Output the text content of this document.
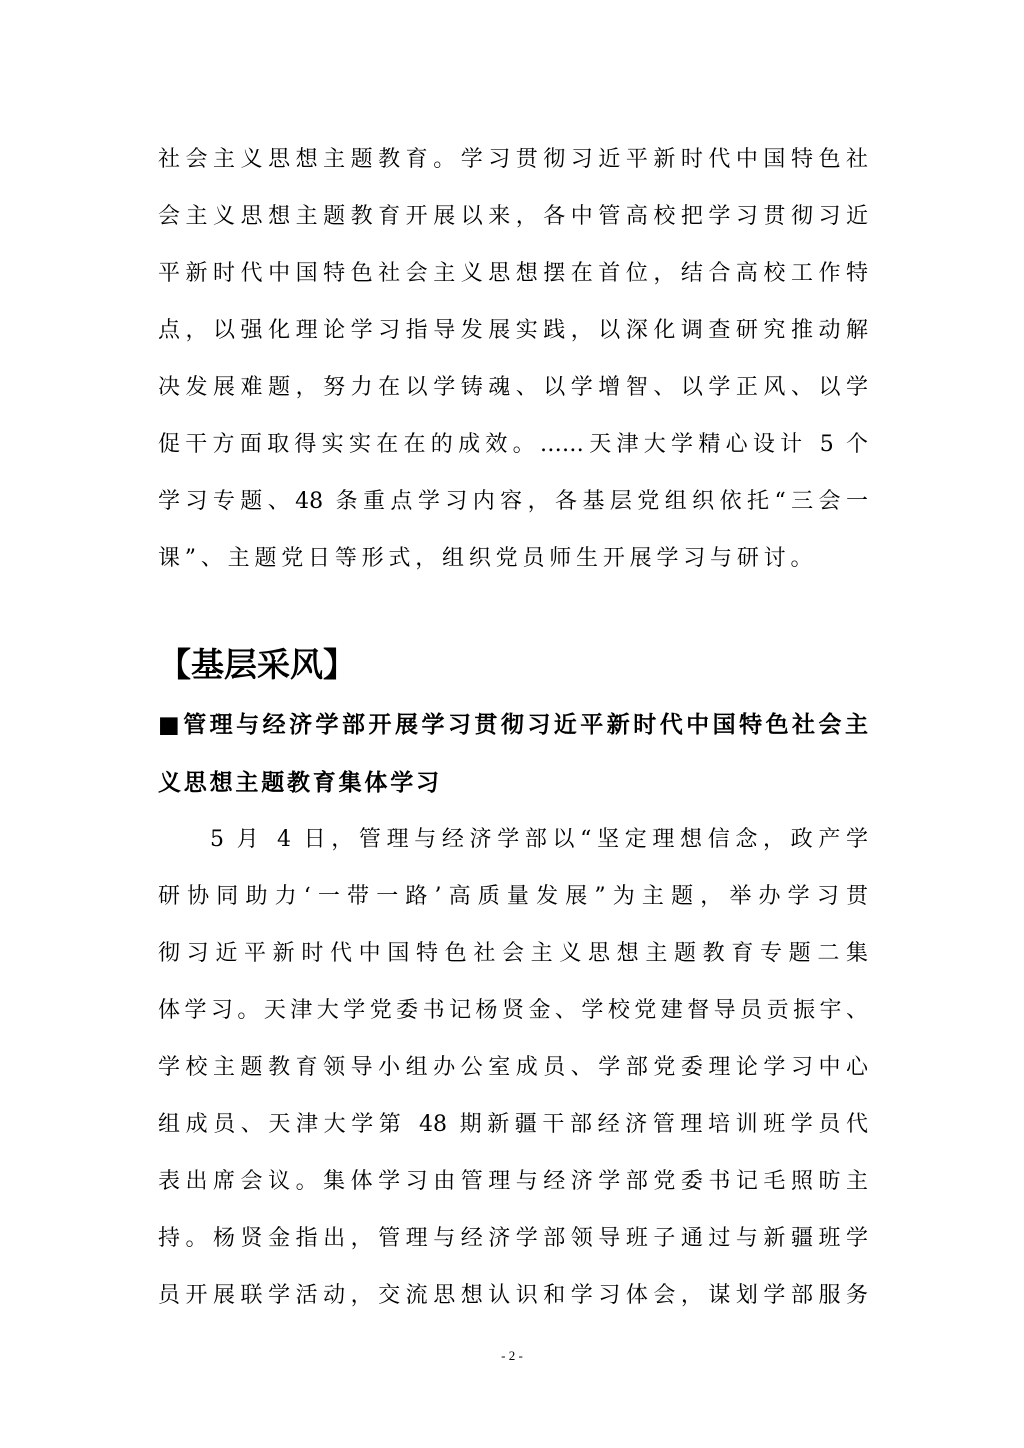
社会主义思想主题教育。学习贯彻习近平新时代中国特色社
会主义思想主题教育开展以来，各中管高校把学习贯彻习近
平新时代中国特色社会主义思想摆在首位，结合高校工作特
点，以强化理论学习指导发展实践，以深化调查研究推动解
决发展难题，努力在以学铸魂、以学增智、以学正风、以学
促干方面取得实实在在的成效。……天津大学精心设计 5 个
学习专题、48 条重点学习内容，各基层党组织依托“三会一
课”、主题党日等形式，组织党员师生开展学习与研讨。
【基层采风】
■管理与经济学部开展学习贯彻习近平新时代中国特色社会主
义思想主题教育集体学习
5 月 4 日，管理与经济学部以“坚定理想信念，政产学
研协同助力‘一带一路’高质量发展”为主题，举办学习贯
彻习近平新时代中国特色社会主义思想主题教育专题二集
体学习。天津大学党委书记杨贤金、学校党建督导员贡振宇、
学校主题教育领导小组办公室成员、学部党委理论学习中心
组成员、天津大学第 48 期新疆干部经济管理培训班学员代
表出席会议。集体学习由管理与经济学部党委书记毛照昉主
持。杨贤金指出，管理与经济学部领导班子通过与新疆班学
员开展联学活动，交流思想认识和学习体会，谋划学部服务
- 2 -
